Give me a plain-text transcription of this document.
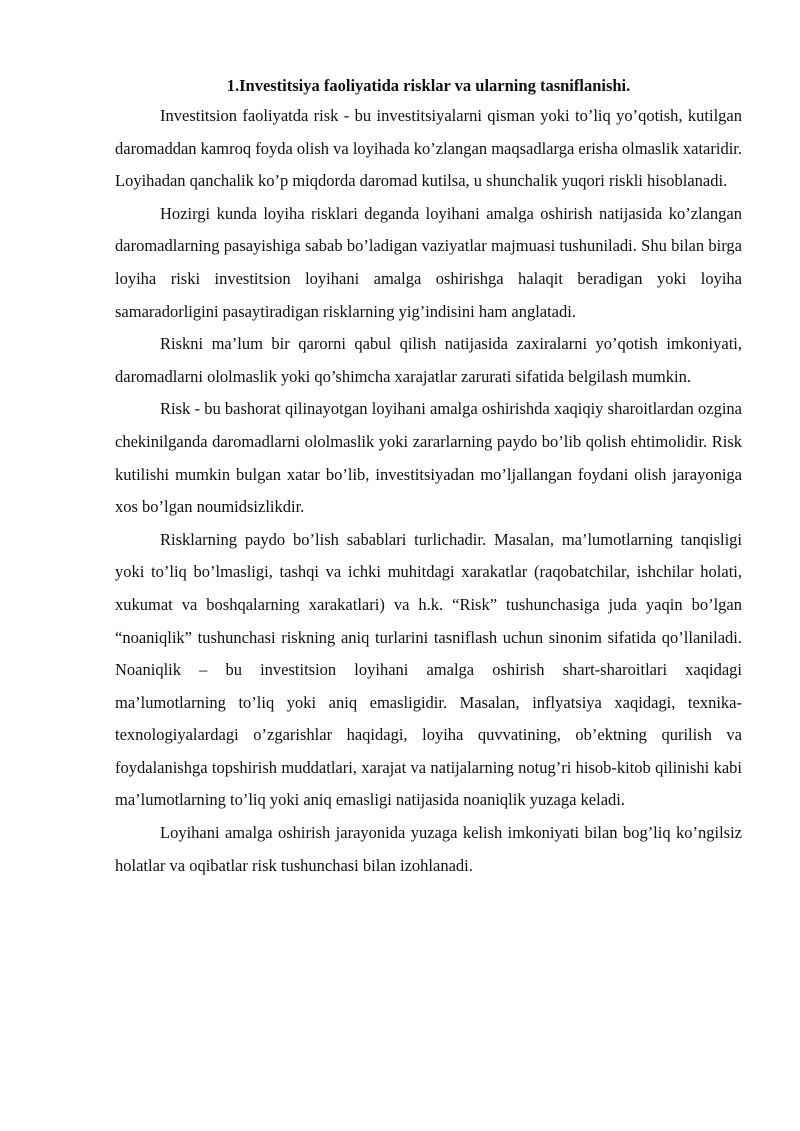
1.Investitsiya faoliyatida risklar va ularning tasniflanishi.

Investitsion faoliyatda risk - bu investitsiyalarni qisman yoki to’liq yo’qotish, kutilgan daromaddan kamroq foyda olish va loyihada ko’zlangan maqsadlarga erisha olmaslik xataridir. Loyihadan qanchalik ko’p miqdorda daromad kutilsa, u shunchalik yuqori riskli hisoblanadi.

Hozirgi kunda loyiha risklari deganda loyihani amalga oshirish natijasida ko’zlangan daromadlarning pasayishiga sabab bo’ladigan vaziyatlar majmuasi tushuniladi. Shu bilan birga loyiha riski investitsion loyihani amalga oshirishga halaqit beradigan yoki loyiha samaradorligini pasaytiradigan risklarning yig’indisini ham anglatadi.

Riskni ma’lum bir qarorni qabul qilish natijasida zaxiralarni yo’qotish imkoniyati, daromadlarni ololmaslik yoki qo’shimcha xarajatlar zarurati sifatida belgilash mumkin.

Risk - bu bashorat qilinayotgan loyihani amalga oshirishda xaqiqiy sharoitlardan ozgina chekinilganda daromadlarni ololmaslik yoki zararlarning paydo bo’lib qolish ehtimolidir. Risk kutilishi mumkin bulgan xatar bo’lib, investitsiyadan mo’ljallangan foydani olish jarayoniga xos bo’lgan noumidsizlikdir.

Risklarning paydo bo’lish sabablari turlichadir. Masalan, ma’lumotlarning tanqisligi yoki to’liq bo’lmasligi, tashqi va ichki muhitdagi xarakatlar (raqobatchilar, ishchilar holati, xukumat va boshqalarning xarakatlari) va h.k. “Risk” tushunchasiga juda yaqin bo’lgan “noaniqlik” tushunchasi riskning aniq turlarini tasniflash uchun sinonim sifatida qo’llaniladi. Noaniqlik – bu investitsion loyihani amalga oshirish shart-sharoitlari xaqidagi ma’lumotlarning to’liq yoki aniq emasligidir. Masalan, inflyatsiya xaqidagi, texnika-texnologiyalardagi o’zgarishlar haqidagi, loyiha quvvatining, ob’ektning qurilish va foydalanishga topshirish muddatlari, xarajat va natijalarning notug’ri hisob-kitob qilinishi kabi ma’lumotlarning to’liq yoki aniq emasligi natijasida noaniqlik yuzaga keladi.

Loyihani amalga oshirish jarayonida yuzaga kelish imkoniyati bilan bog’liq ko’ngilsiz holatlar va oqibatlar risk tushunchasi bilan izohlanadi.
